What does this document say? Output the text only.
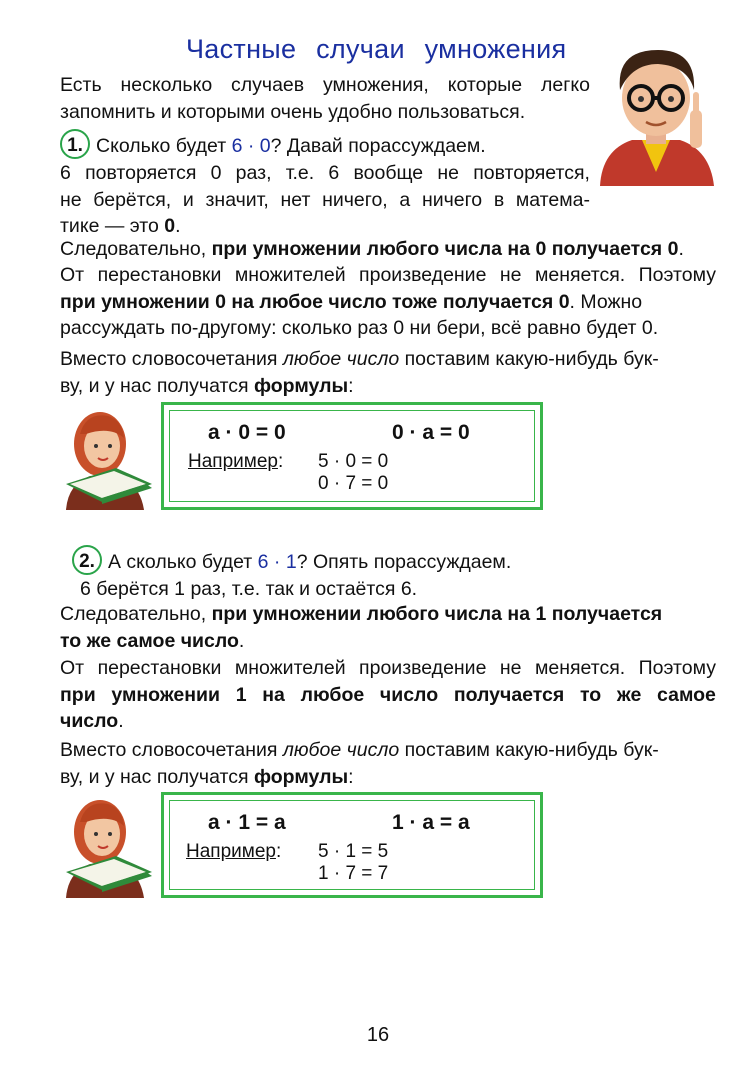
Частные случаи умножения
Есть несколько случаев умножения, которые легко
запомнить и которыми очень удобно пользоваться.
1. Сколько будет 6 · 0? Давай порассуждаем.
6 повторяется 0 раз, т.е. 6 вообще не повторяется,
не берётся, и значит, нет ничего, а ничего в матема-
тике — это 0.
Следовательно, при умножении любого числа на 0 получается 0.
От перестановки множителей произведение не меняется. Поэтому
при умножении 0 на любое число тоже получается 0. Можно
рассуждать по-другому: сколько раз 0 ни бери, всё равно будет 0.
Вместо словосочетания любое число поставим какую-нибудь бук-
ву, и у нас получатся формулы:
a · 0 = 0	0 · a = 0
Например: 5 · 0 = 0
0 · 7 = 0
2. А сколько будет 6 · 1? Опять порассуждаем.
6 берётся 1 раз, т.е. так и остаётся 6.
Следовательно, при умножении любого числа на 1 получается
то же самое число.
От перестановки множителей произведение не меняется. Поэтому
при умножении 1 на любое число получается то же самое
число.
Вместо словосочетания любое число поставим какую-нибудь бук-
ву, и у нас получатся формулы:
a · 1 = a	1 · a = a
Например: 5 · 1 = 5
1 · 7 = 7
16
